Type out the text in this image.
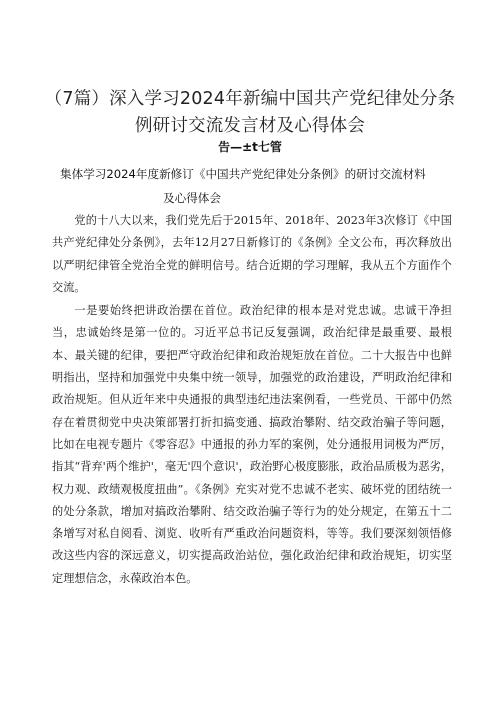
（7篇）深入学习2024年新编中国共产党纪律处分条
例研讨交流发言材及心得体会
告—±t七管
集体学习2024年度新修订《中国共产党纪律处分条例》的研讨交流材料
及心得体会

党的十八大以来，我们党先后于2015年、2018年、2023年3次修订《中国共产党纪律处分条例》，去年12月27日新修订的《条例》全文公布，再次释放出以严明纪律管全党治全党的鲜明信号。结合近期的学习理解，我从五个方面作个交流。

一是要始终把讲政治摆在首位。政治纪律的根本是对党忠诚。忠诚干净担当，忠诚始终是第一位的。习近平总书记反复强调，政治纪律是最重要、最根本、最关键的纪律，要把严守政治纪律和政治规矩放在首位。二十大报告中也鲜明指出，坚持和加强党中央集中统一领导，加强党的政治建设，严明政治纪律和政治规矩。但从近年来中央通报的典型违纪违法案例看，一些党员、干部中仍然存在着贯彻党中央决策部署打折扣搞变通、搞政治攀附、结交政治骗子等问题，比如在电视专题片《零容忍》中通报的孙力军的案例，处分通报用词极为严厉，指其“背弃'两个维护'，毫无'四个意识'，政治野心极度膨胀，政治品质极为恶劣，权力观、政绩观极度扭曲”。《条例》充实对党不忠诚不老实、破坏党的团结统一的处分条款，增加对搞政治攀附、结交政治骗子等行为的处分规定，在第五十二条增写对私自阅看、浏览、收听有严重政治问题资料，等等。我们要深刻领悟修改这些内容的深远意义，切实提高政治站位，强化政治纪律和政治规矩，切实坚定理想信念，永葆政治本色。
